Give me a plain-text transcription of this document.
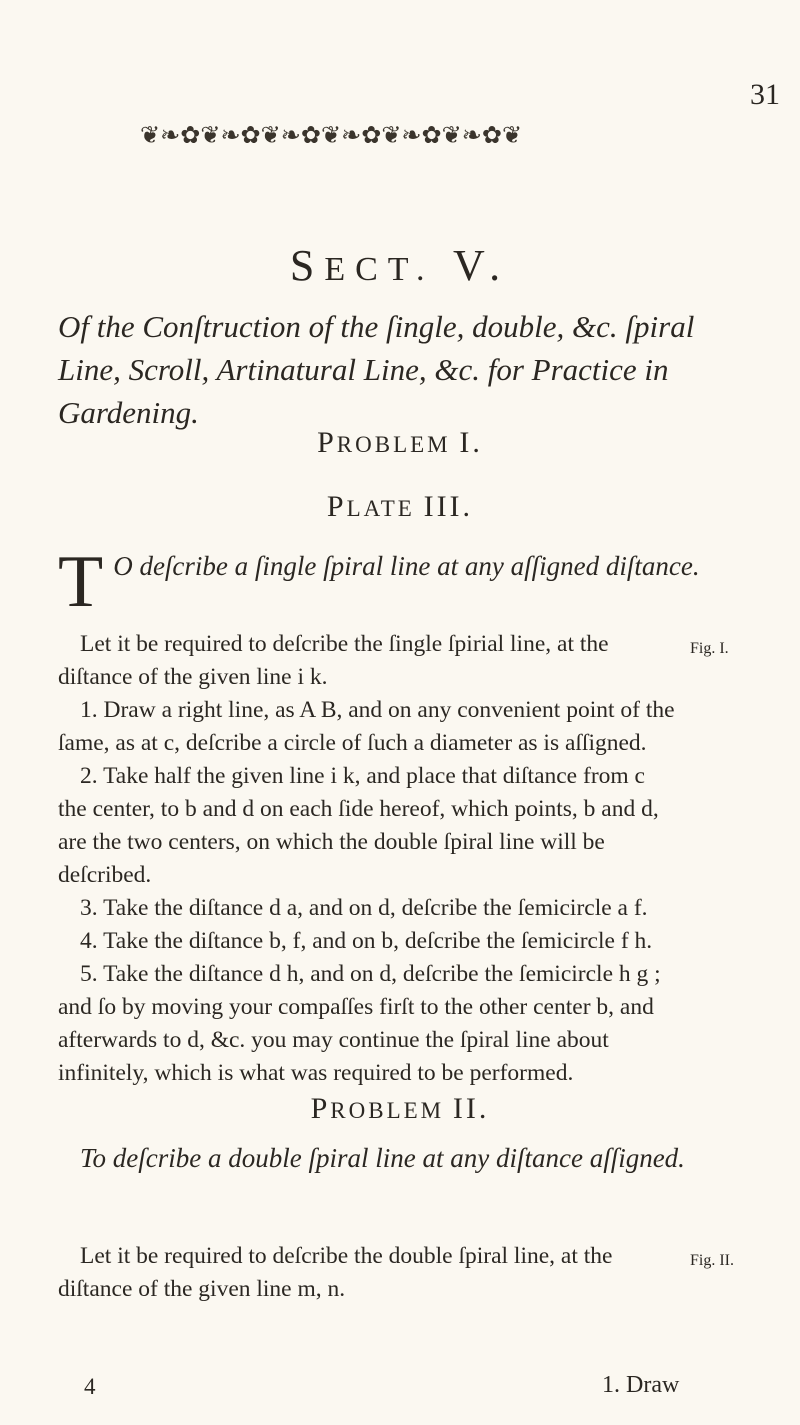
31
❦❧✿❦❧✿❦❧✿❦❧✿❦❧✿❦❧✿❦
SECT. V.
Of the Conſtruction of the ſingle, double, &c. ſpiral Line, Scroll, Artinatural Line, &c. for Practice in Gardening.
PROBLEM I.
PLATE III.
T O deſcribe a ſingle ſpiral line at any aſſigned diſtance.

Let it be required to deſcribe the ſingle ſpirial line, at the diſtance of the given line i k.

1. Draw a right line, as A B, and on any convenient point of the ſame, as at c, deſcribe a circle of ſuch a diameter as is aſſigned.

2. Take half the given line i k, and place that diſtance from c the center, to b and d on each ſide hereof, which points, b and d, are the two centers, on which the double ſpiral line will be deſcribed.

3. Take the diſtance d a, and on d, deſcribe the ſemicircle a f.

4. Take the diſtance b, f, and on b, deſcribe the ſemicircle f h.

5. Take the diſtance d h, and on d, deſcribe the ſemicircle h g ; and ſo by moving your compaſſes firſt to the other center b, and afterwards to d, &c. you may continue the ſpiral line about infinitely, which is what was required to be performed.

Fig. I.
PROBLEM II.
To deſcribe a double ſpiral line at any diſtance aſſigned.

Let it be required to deſcribe the double ſpiral line, at the diſtance of the given line m, n.

Fig. II.
4	1. Draw
